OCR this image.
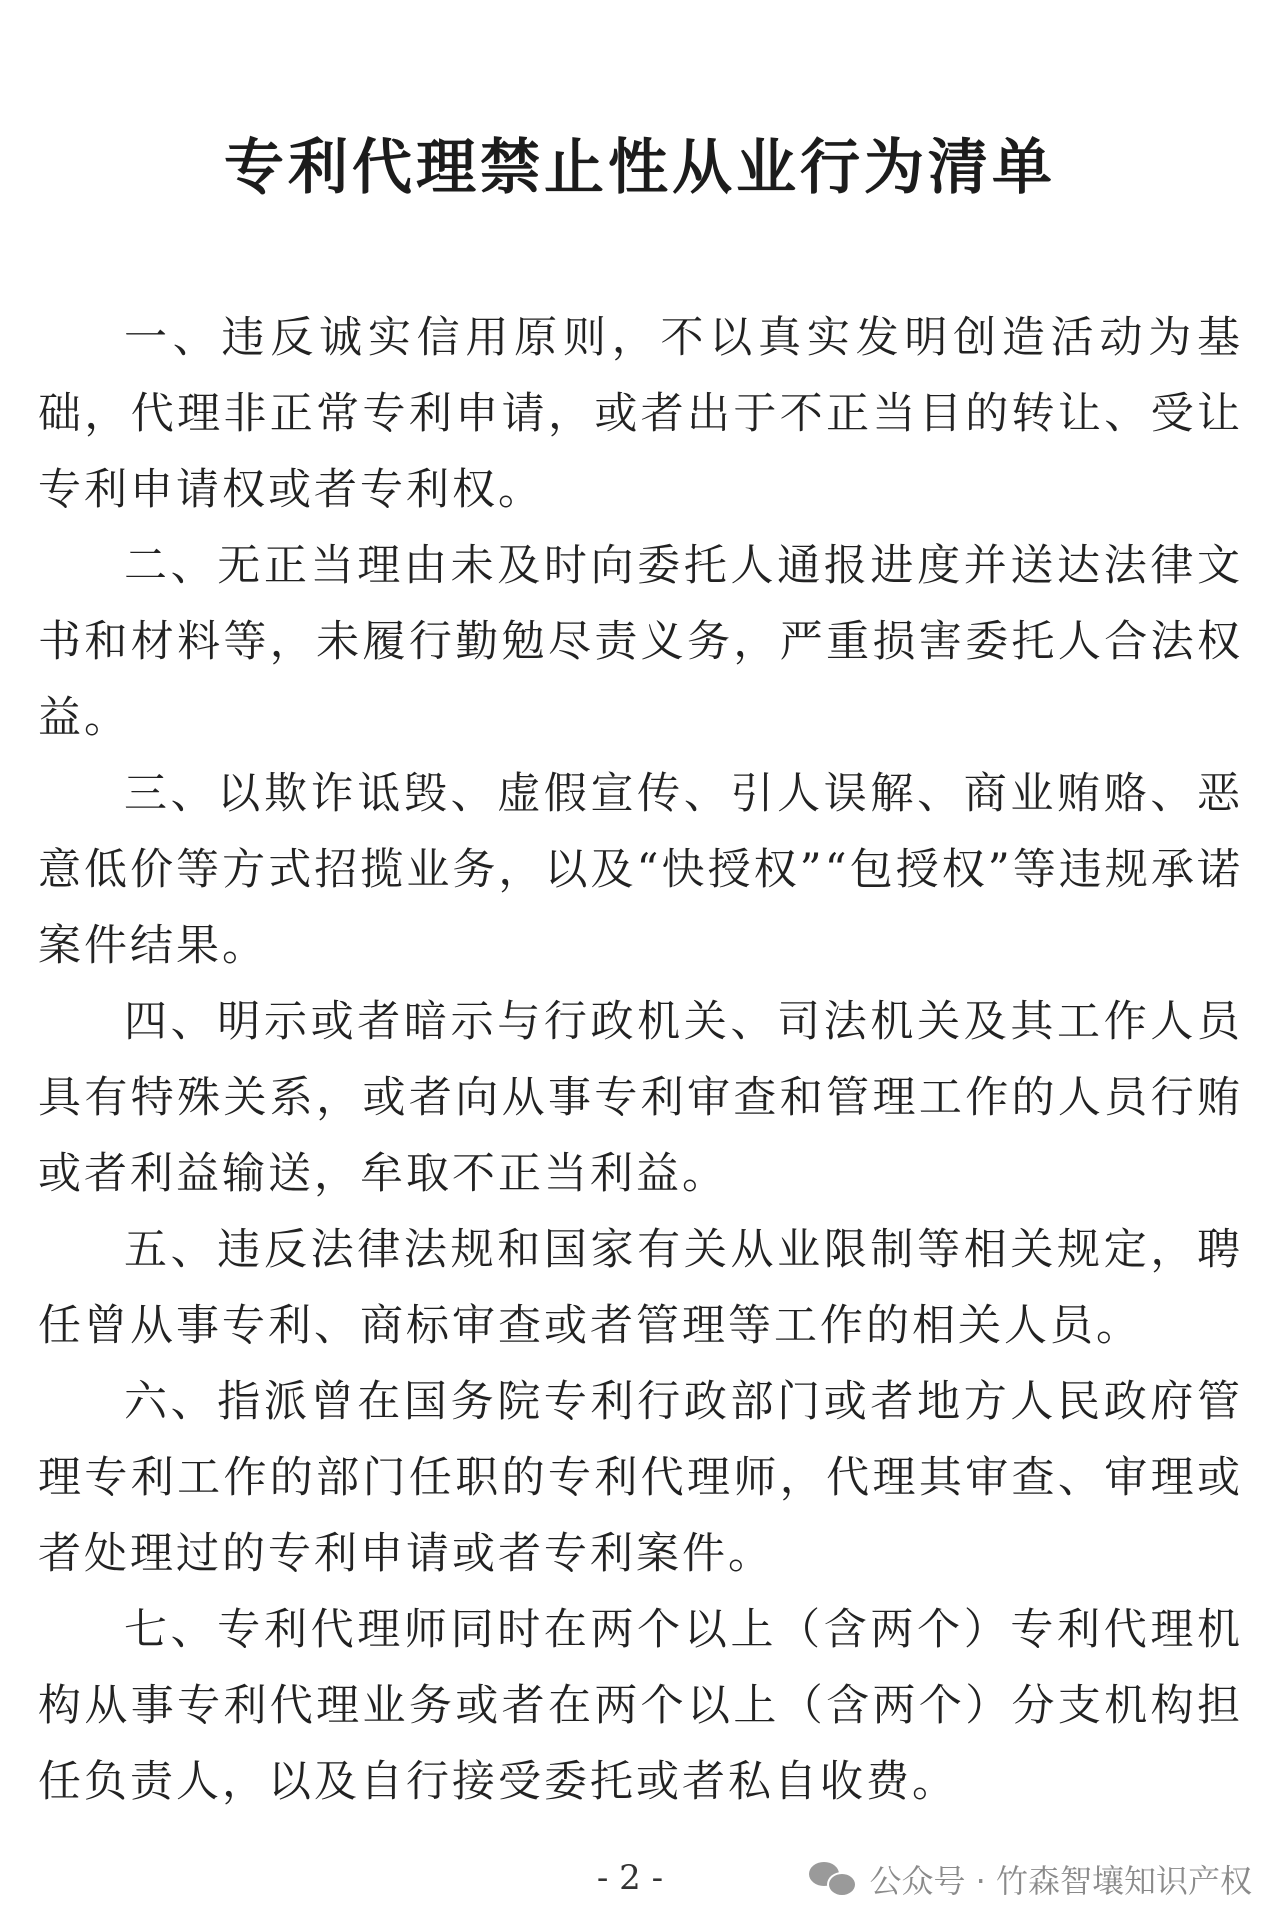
专利代理禁止性从业行为清单

一、违反诚实信用原则，不以真实发明创造活动为基础，代理非正常专利申请，或者出于不正当目的转让、受让专利申请权或者专利权。

二、无正当理由未及时向委托人通报进度并送达法律文书和材料等，未履行勤勉尽责义务，严重损害委托人合法权益。

三、以欺诈诋毁、虚假宣传、引人误解、商业贿赂、恶意低价等方式招揽业务，以及“快授权”“包授权”等违规承诺案件结果。

四、明示或者暗示与行政机关、司法机关及其工作人员具有特殊关系，或者向从事专利审查和管理工作的人员行贿或者利益输送，牟取不正当利益。

五、违反法律法规和国家有关从业限制等相关规定，聘任曾从事专利、商标审查或者管理等工作的相关人员。

六、指派曾在国务院专利行政部门或者地方人民政府管理专利工作的部门任职的专利代理师，代理其审查、审理或者处理过的专利申请或者专利案件。

七、专利代理师同时在两个以上（含两个）专利代理机构从事专利代理业务或者在两个以上（含两个）分支机构担任负责人，以及自行接受委托或者私自收费。

- 2 -	公众号 · 竹森智壤知识产权
